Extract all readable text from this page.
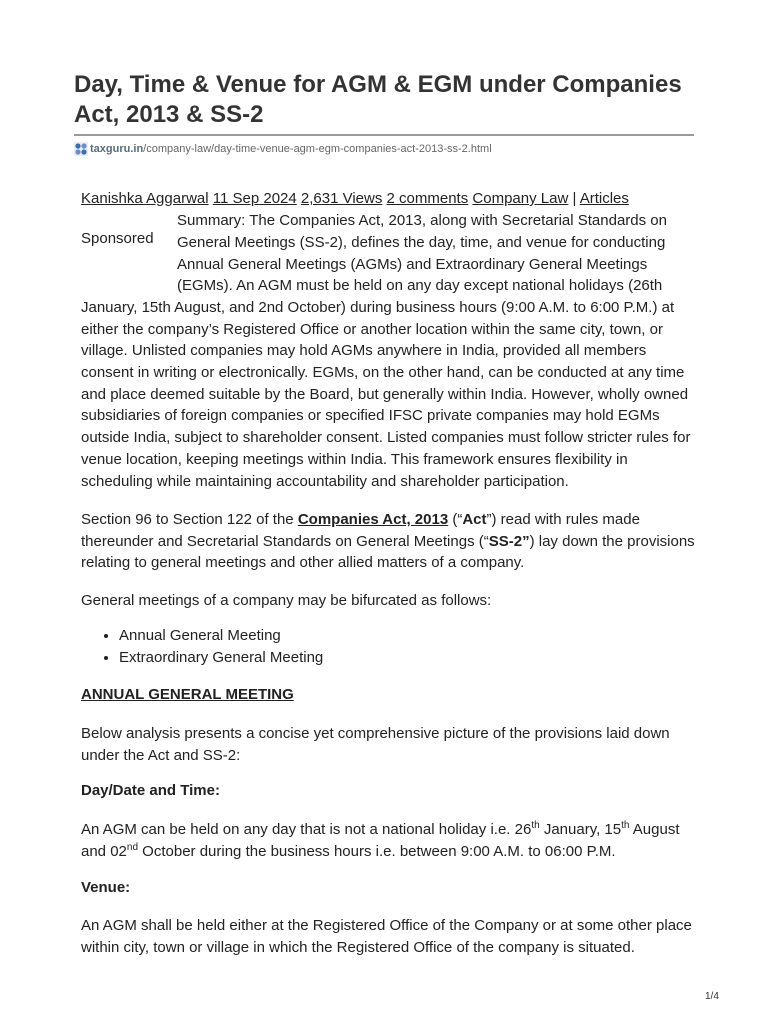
Day, Time & Venue for AGM & EGM under Companies Act, 2013 & SS-2
taxguru.in /company-law/day-time-venue-agm-egm-companies-act-2013-ss-2.html
Kanishka Aggarwal 11 Sep 2024 2,631 Views 2 comments Company Law | Articles
Sponsored
Summary: The Companies Act, 2013, along with Secretarial Standards on
General Meetings (SS-2), defines the day, time, and venue for conducting
Annual General Meetings (AGMs) and Extraordinary General Meetings
(EGMs). An AGM must be held on any day except national holidays (26th
January, 15th August, and 2nd October) during business hours (9:00 A.M. to 6:00 P.M.) at
either the company’s Registered Office or another location within the same city, town, or
village. Unlisted companies may hold AGMs anywhere in India, provided all members
consent in writing or electronically. EGMs, on the other hand, can be conducted at any time
and place deemed suitable by the Board, but generally within India. However, wholly owned
subsidiaries of foreign companies or specified IFSC private companies may hold EGMs
outside India, subject to shareholder consent. Listed companies must follow stricter rules for
venue location, keeping meetings within India. This framework ensures flexibility in
scheduling while maintaining accountability and shareholder participation.

Section 96 to Section 122 of the Companies Act, 2013 (“Act”) read with rules made thereunder and Secretarial Standards on General Meetings (“SS-2”) lay down the provisions relating to general meetings and other allied matters of a company.

General meetings of a company may be bifurcated as follows:

• Annual General Meeting
• Extraordinary General Meeting
ANNUAL GENERAL MEETING

Below analysis presents a concise yet comprehensive picture of the provisions laid down under the Act and SS-2:

Day/Date and Time:

An AGM can be held on any day that is not a national holiday i.e. 26th January, 15th August and 02nd October during the business hours i.e. between 9:00 A.M. to 06:00 P.M.

Venue:

An AGM shall be held either at the Registered Office of the Company or at some other place within city, town or village in which the Registered Office of the company is situated.

1/4
